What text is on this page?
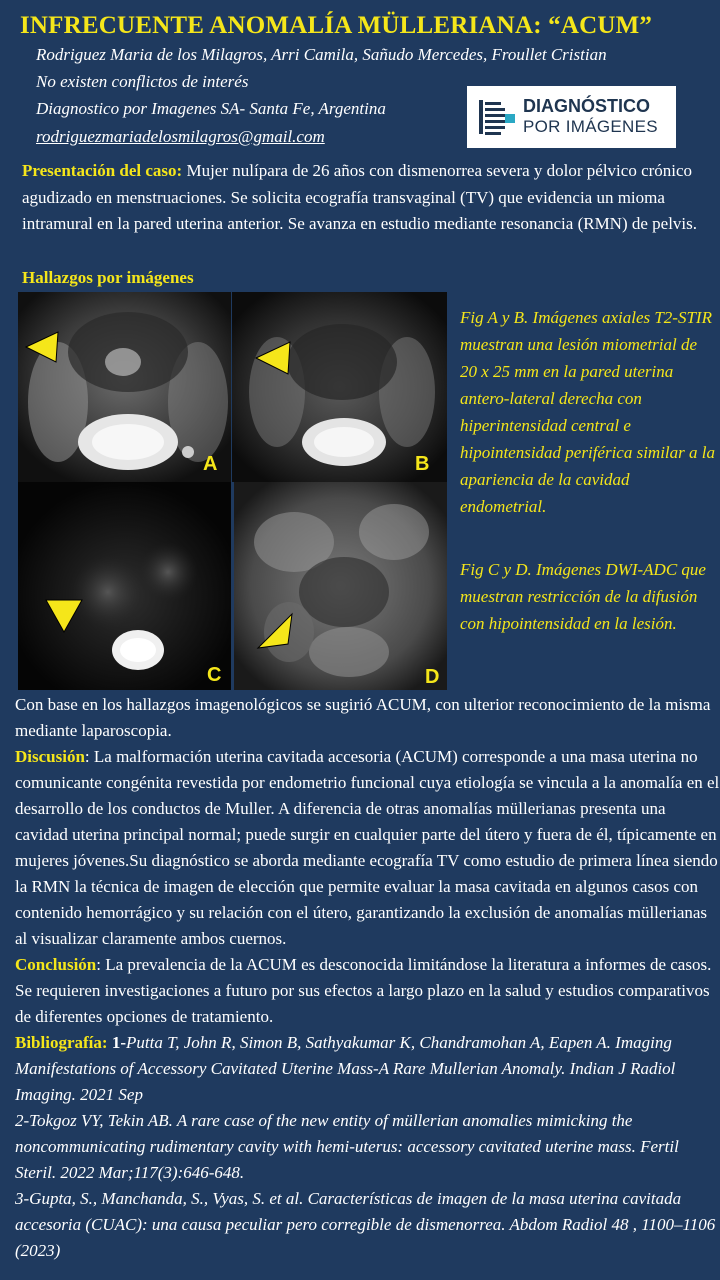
INFRECUENTE ANOMALÍA MÜLLERIANA: “ACUM”
Rodriguez Maria de los Milagros, Arri Camila, Sañudo Mercedes, Froullet Cristian
No existen conflictos de interés
Diagnostico por Imagenes SA- Santa Fe, Argentina
rodriguezmariadelosmilagros@gmail.com
DIAGNÓSTICO
POR IMÁGENES
Presentación del caso: Mujer nulípara de 26 años con dismenorrea severa y dolor pélvico crónico agudizado en menstruaciones. Se solicita ecografía transvaginal (TV) que evidencia un mioma intramural en la pared uterina anterior. Se avanza en estudio mediante resonancia (RMN) de pelvis.
Hallazgos por imágenes
A	B
C	D
Fig A y B. Imágenes axiales T2-STIR muestran una lesión miometrial de 20 x 25 mm en la pared uterina antero-lateral derecha con hiperintensidad central e hipointensidad periférica similar a la apariencia de la cavidad endometrial.
Fig C y D. Imágenes DWI-ADC que muestran restricción de la difusión con hipointensidad en la lesión.
Con base en los hallazgos imagenológicos se sugirió ACUM, con ulterior reconocimiento de la misma mediante laparoscopia.
Discusión: La malformación uterina cavitada accesoria (ACUM) corresponde a una masa uterina no comunicante congénita revestida por endometrio funcional cuya etiología se vincula a la anomalía en el desarrollo de los conductos de Muller. A diferencia de otras anomalías müllerianas presenta una cavidad uterina principal normal; puede surgir en cualquier parte del útero y fuera de él, típicamente en mujeres jóvenes.Su diagnóstico se aborda mediante ecografía TV como estudio de primera línea siendo la RMN la técnica de imagen de elección que permite evaluar la masa cavitada en algunos casos con contenido hemorrágico y su relación con el útero, garantizando la exclusión de anomalías müllerianas al visualizar claramente ambos cuernos.
Conclusión: La prevalencia de la ACUM es desconocida limitándose la literatura a informes de casos. Se requieren investigaciones a futuro por sus efectos a largo plazo en la salud y estudios comparativos de diferentes opciones de tratamiento.
Bibliografía: 1-Putta T, John R, Simon B, Sathyakumar K, Chandramohan A, Eapen A. Imaging Manifestations of Accessory Cavitated Uterine Mass-A Rare Mullerian Anomaly. Indian J Radiol Imaging. 2021 Sep
2-Tokgoz VY, Tekin AB. A rare case of the new entity of müllerian anomalies mimicking the noncommunicating rudimentary cavity with hemi-uterus: accessory cavitated uterine mass. Fertil Steril. 2022 Mar;117(3):646-648.
3-Gupta, S., Manchanda, S., Vyas, S. et al. Características de imagen de la masa uterina cavitada accesoria (CUAC): una causa peculiar pero corregible de dismenorrea. Abdom Radiol 48 , 1100–1106 (2023)
